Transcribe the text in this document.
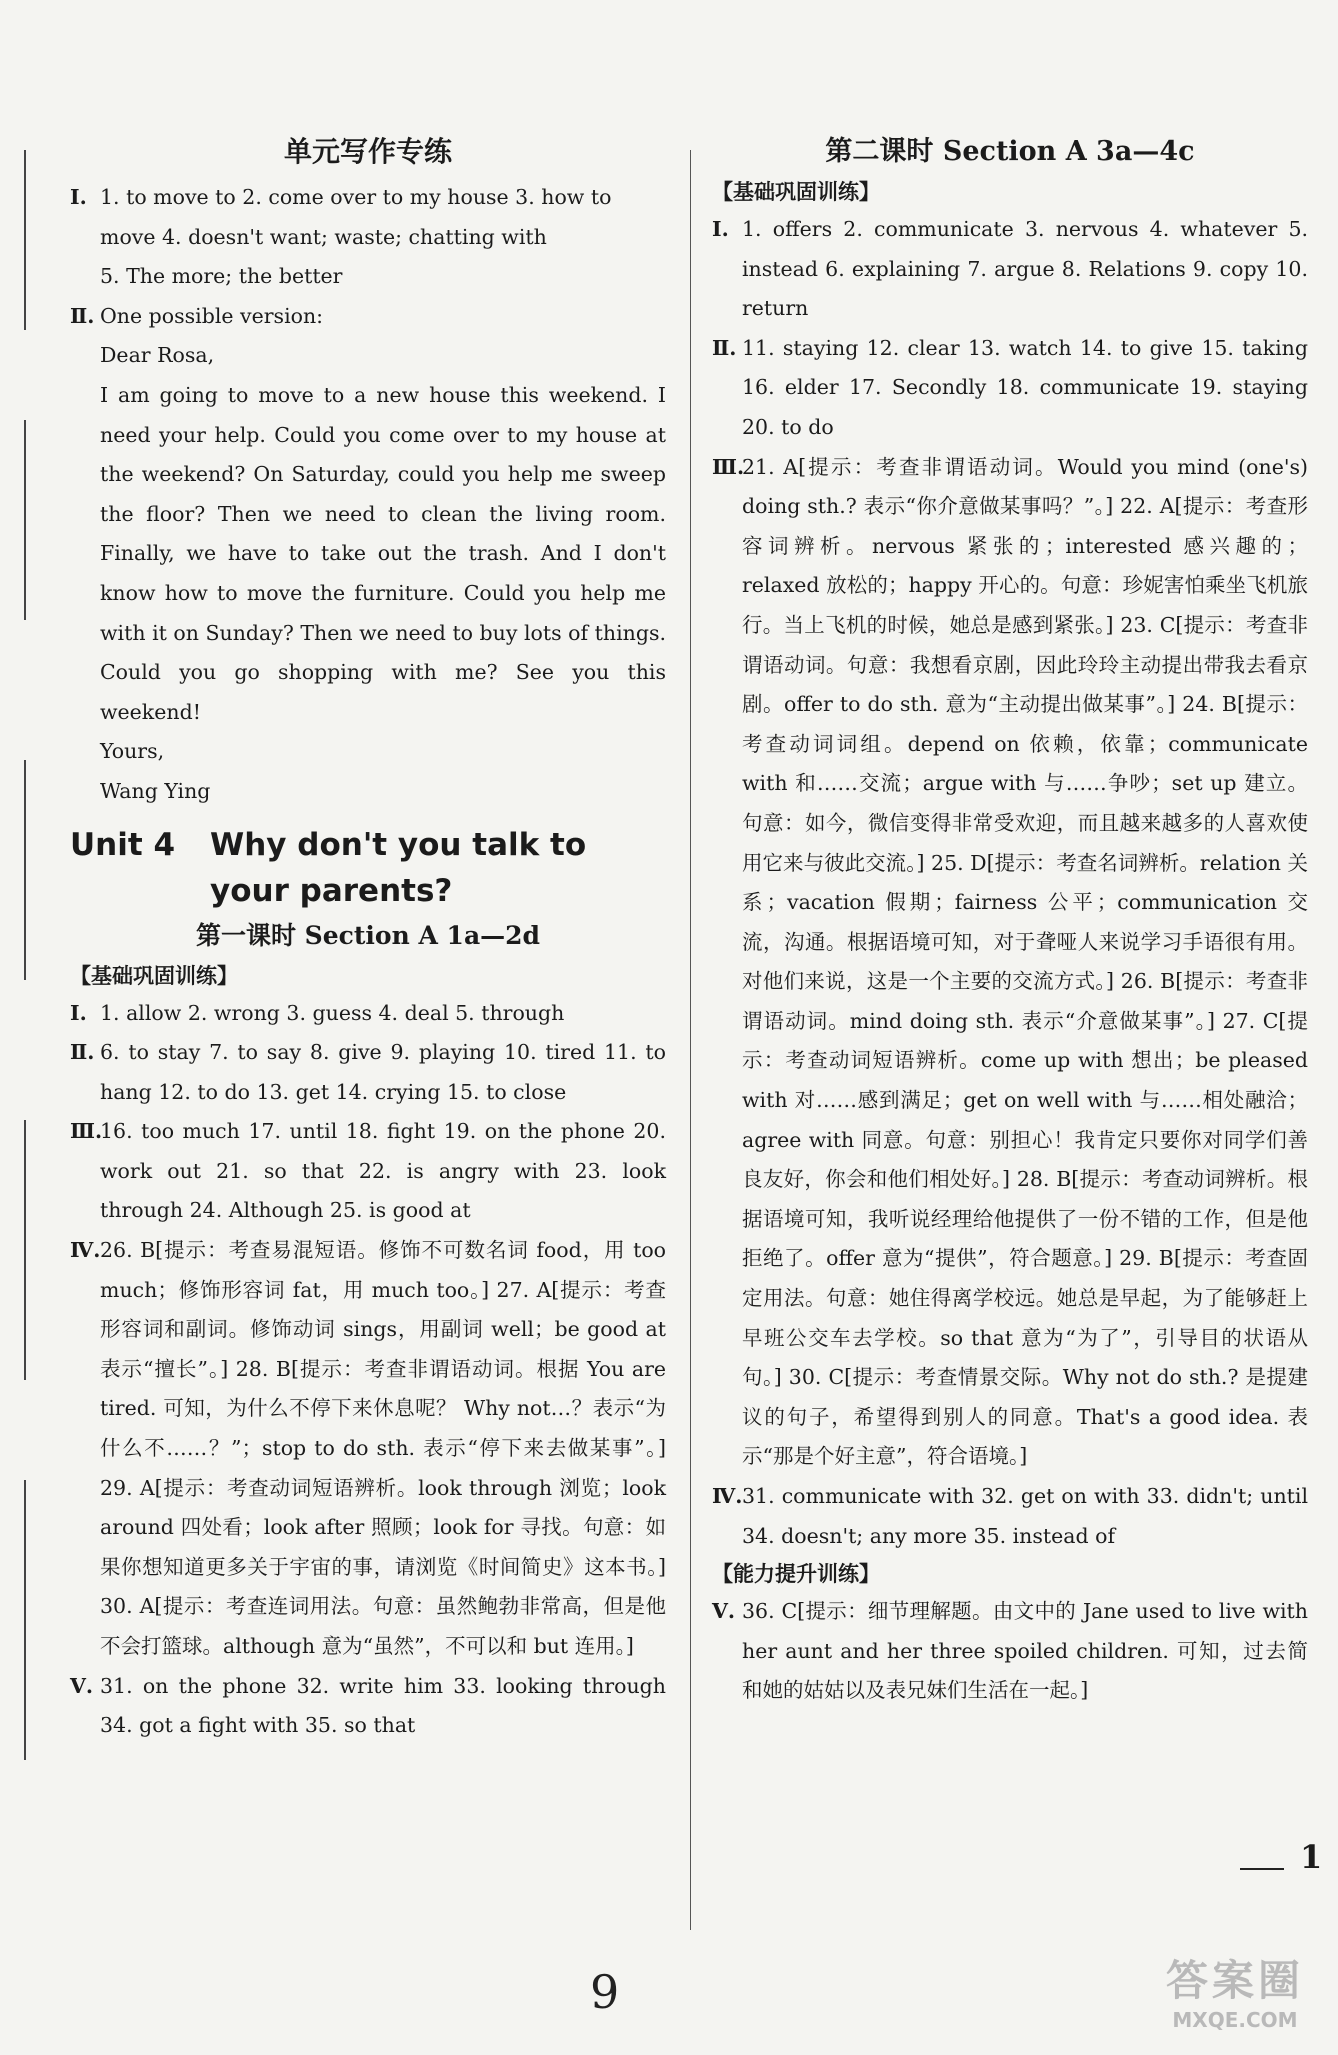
单元写作专练
Ⅰ. 1. to move to 2. come over to my house 3. how to
move 4. doesn't want; waste; chatting with
5. The more; the better
Ⅱ. One possible version:
Dear Rosa,
I am going to move to a new house this weekend. I need your help. Could you come over to my house at the weekend? On Saturday, could you help me sweep the floor? Then we need to clean the living room. Finally, we have to take out the trash. And I don't know how to move the furniture. Could you help me with it on Sunday? Then we need to buy lots of things. Could you go shopping with me? See you this weekend!
Yours,
Wang Ying
Unit 4	Why don't you talk to your parents?
第一课时 Section A 1a—2d
【基础巩固训练】
Ⅰ. 1. allow 2. wrong 3. guess 4. deal 5. through
Ⅱ. 6. to stay 7. to say 8. give 9. playing 10. tired 11. to hang 12. to do 13. get 14. crying 15. to close
Ⅲ.
16. too much 17. until 18. fight 19. on the phone 20. work out 21. so that 22. is angry with 23. look through 24. Although 25. is good at
Ⅳ. 26. B[提示：考查易混短语。修饰不可数名词 food，用 too much；修饰形容词 fat，用 much too。] 27. A[提示：考查形容词和副词。修饰动词 sings，用副词 well；be good at 表示“擅长”。] 28. B[提示：考查非谓语动词。根据 You are tired. 可知，为什么不停下来休息呢？ Why not…？表示“为什么不……？”；stop to do sth. 表示“停下来去做某事”。] 29. A[提示：考查动词短语辨析。look through 浏览；look around 四处看；look after 照顾；look for 寻找。句意：如果你想知道更多关于宇宙的事，请浏览《时间简史》这本书。] 30. A[提示：考查连词用法。句意：虽然鲍勃非常高，但是他不会打篮球。although 意为“虽然”，不可以和 but 连用。]
Ⅴ. 31. on the phone 32. write him 33. looking through 34. got a fight with 35. so that
第二课时 Section A 3a—4c
【基础巩固训练】
Ⅰ. 1. offers 2. communicate 3. nervous 4. whatever 5. instead 6. explaining 7. argue 8. Relations 9. copy 10. return
Ⅱ. 11. staying 12. clear 13. watch 14. to give 15. taking 16. elder 17. Secondly 18. communicate 19. staying 20. to do
Ⅲ.
21. A[提示：考查非谓语动词。Would you mind (one's) doing sth.? 表示“你介意做某事吗？”。] 22. A[提示：考查形容词辨析。nervous 紧张的；interested 感兴趣的；relaxed 放松的；happy 开心的。句意：珍妮害怕乘坐飞机旅行。当上飞机的时候，她总是感到紧张。] 23. C[提示：考查非谓语动词。句意：我想看京剧，因此玲玲主动提出带我去看京剧。offer to do sth. 意为“主动提出做某事”。] 24. B[提示：考查动词词组。depend on 依赖，依靠；communicate with 和……交流；argue with 与……争吵；set up 建立。句意：如今，微信变得非常受欢迎，而且越来越多的人喜欢使用它来与彼此交流。] 25. D[提示：考查名词辨析。relation 关系；vacation 假期；fairness 公平；communication 交流，沟通。根据语境可知，对于聋哑人来说学习手语很有用。对他们来说，这是一个主要的交流方式。] 26. B[提示：考查非谓语动词。mind doing sth. 表示“介意做某事”。] 27. C[提示：考查动词短语辨析。come up with 想出；be pleased with 对……感到满足；get on well with 与……相处融洽；agree with 同意。句意：别担心！我肯定只要你对同学们善良友好，你会和他们相处好。] 28. B[提示：考查动词辨析。根据语境可知，我听说经理给他提供了一份不错的工作，但是他拒绝了。offer 意为“提供”，符合题意。] 29. B[提示：考查固定用法。句意：她住得离学校远。她总是早起，为了能够赶上早班公交车去学校。so that 意为“为了”，引导目的状语从句。] 30. C[提示：考查情景交际。Why not do sth.? 是提建议的句子，希望得到别人的同意。That's a good idea. 表示“那是个好主意”，符合语境。]
Ⅳ. 31. communicate with 32. get on with 33. didn't; until 34. doesn't; any more 35. instead of
【能力提升训练】
Ⅴ. 36. C[提示：细节理解题。由文中的 Jane used to live with her aunt and her three spoiled children. 可知，过去简和她的姑姑以及表兄妹们生活在一起。]
1
9	答案圈
MXQE.COM
